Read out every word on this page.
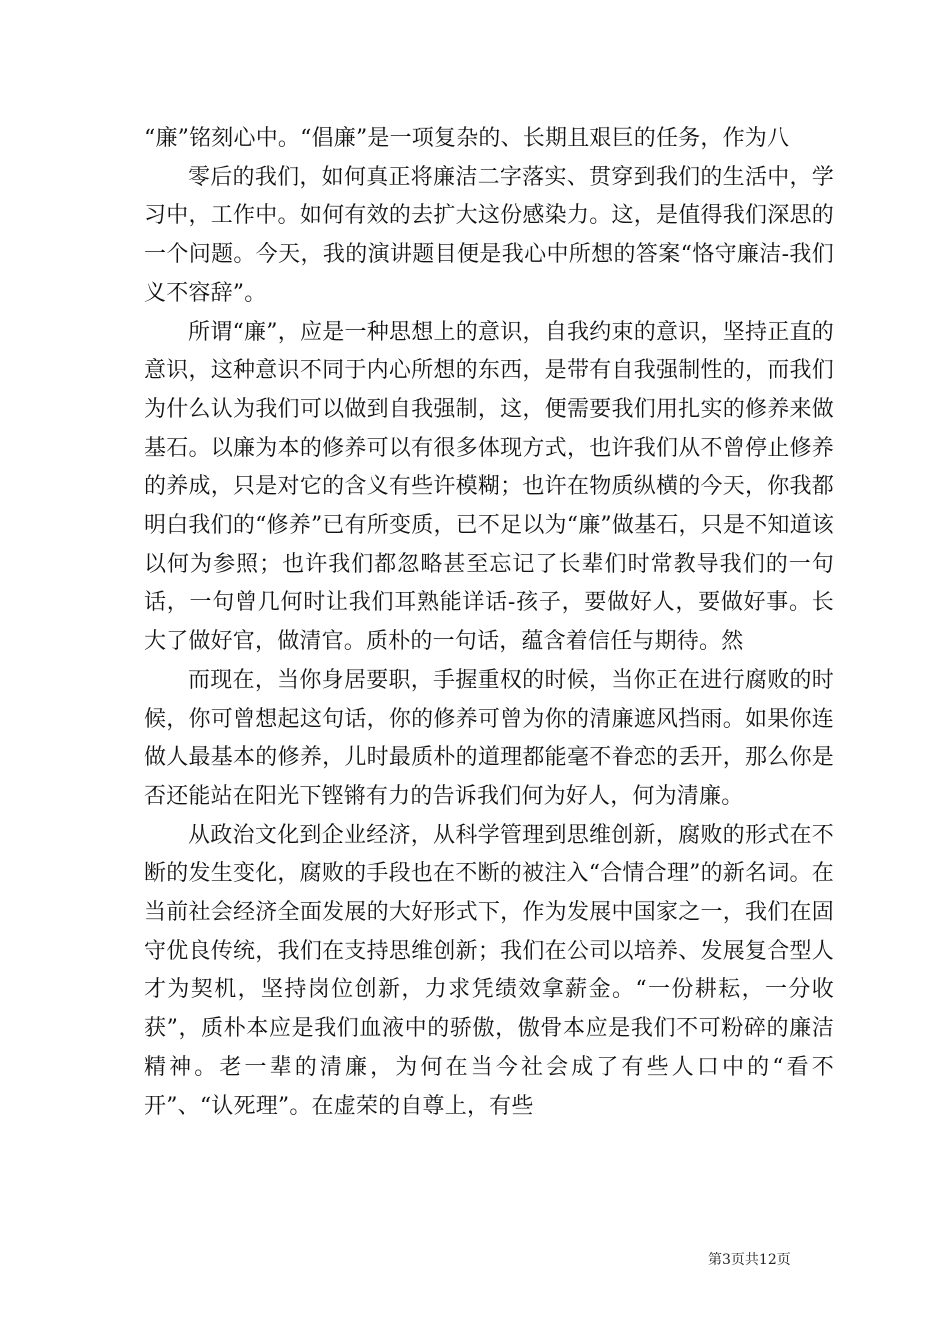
“廉”铭刻心中。“倡廉”是一项复杂的、长期且艰巨的任务，作为八

零后的我们，如何真正将廉洁二字落实、贯穿到我们的生活中，学习中，工作中。如何有效的去扩大这份感染力。这，是值得我们深思的一个问题。今天，我的演讲题目便是我心中所想的答案“恪守廉洁-我们义不容辞”。

所谓“廉”，应是一种思想上的意识，自我约束的意识，坚持正直的意识，这种意识不同于内心所想的东西，是带有自我强制性的，而我们为什么认为我们可以做到自我强制，这，便需要我们用扎实的修养来做基石。以廉为本的修养可以有很多体现方式，也许我们从不曾停止修养的养成，只是对它的含义有些许模糊；也许在物质纵横的今天，你我都明白我们的“修养”已有所变质，已不足以为“廉”做基石，只是不知道该以何为参照；也许我们都忽略甚至忘记了长辈们时常教导我们的一句话，一句曾几何时让我们耳熟能详话-孩子，要做好人，要做好事。长大了做好官，做清官。质朴的一句话，蕴含着信任与期待。然

而现在，当你身居要职，手握重权的时候，当你正在进行腐败的时候，你可曾想起这句话，你的修养可曾为你的清廉遮风挡雨。如果你连做人最基本的修养，儿时最质朴的道理都能毫不眷恋的丢开，那么你是否还能站在阳光下铿锵有力的告诉我们何为好人，何为清廉。

从政治文化到企业经济，从科学管理到思维创新，腐败的形式在不断的发生变化，腐败的手段也在不断的被注入“合情合理”的新名词。在当前社会经济全面发展的大好形式下，作为发展中国家之一，我们在固守优良传统，我们在支持思维创新；我们在公司以培养、发展复合型人才为契机，坚持岗位创新，力求凭绩效拿薪金。“一份耕耘，一分收获”，质朴本应是我们血液中的骄傲，傲骨本应是我们不可粉碎的廉洁精神。老一辈的清廉，为何在当今社会成了有些人口中的“看不开”、“认死理”。在虚荣的自尊上，有些

第3页共12页
